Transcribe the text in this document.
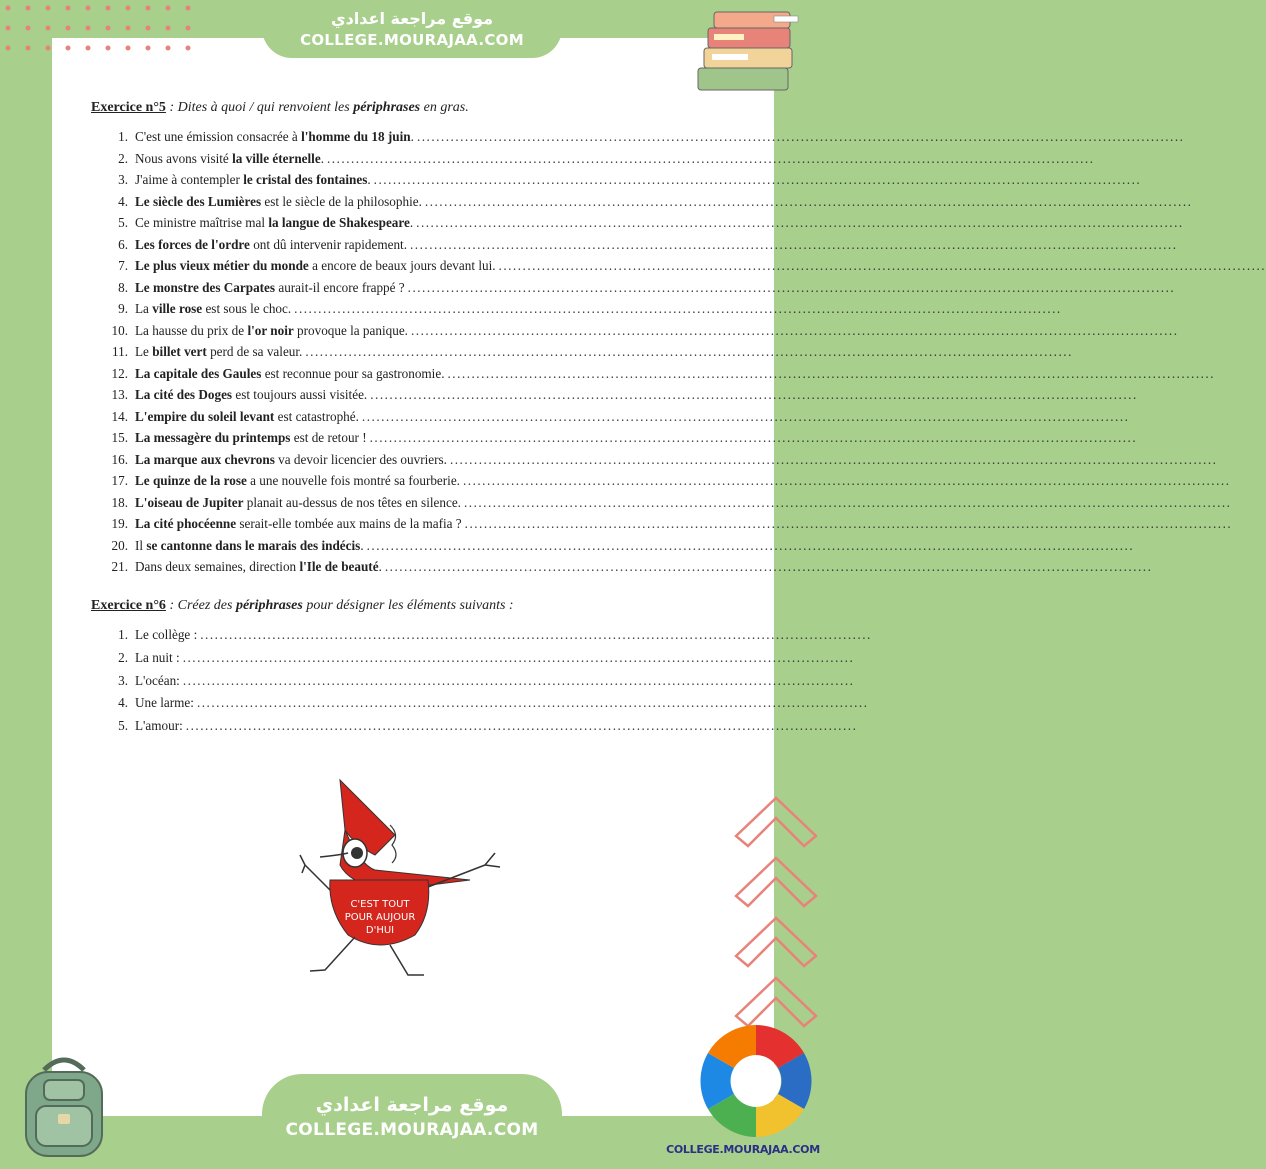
موقع مراجعة اعدادي
COLLEGE.MOURAJAA.COM

Exercice n°5 : Dites à quoi / qui renvoient les périphrases en gras.

1. C'est une émission consacrée à l'homme du 18 juin. ................................................................................................................................................................
2. Nous avons visité la ville éternelle. ................................................................................................................................................................
3. J'aime à contempler le cristal des fontaines. ................................................................................................................................................................
4. Le siècle des Lumières est le siècle de la philosophie. ................................................................................................................................................................
5. Ce ministre maîtrise mal la langue de Shakespeare. ................................................................................................................................................................
6. Les forces de l'ordre ont dû intervenir rapidement. ................................................................................................................................................................
7. Le plus vieux métier du monde a encore de beaux jours devant lui. ................................................................................................................................................................
8. Le monstre des Carpates aurait-il encore frappé ? ................................................................................................................................................................
9. La ville rose est sous le choc. ................................................................................................................................................................
10. La hausse du prix de l'or noir provoque la panique. ................................................................................................................................................................
11. Le billet vert perd de sa valeur. ................................................................................................................................................................
12. La capitale des Gaules est reconnue pour sa gastronomie. ................................................................................................................................................................
13. La cité des Doges est toujours aussi visitée. ................................................................................................................................................................
14. L'empire du soleil levant est catastrophé. ................................................................................................................................................................
15. La messagère du printemps est de retour ! ................................................................................................................................................................
16. La marque aux chevrons va devoir licencier des ouvriers. ................................................................................................................................................................
17. Le quinze de la rose a une nouvelle fois montré sa fourberie. ................................................................................................................................................................
18. L'oiseau de Jupiter planait au-dessus de nos têtes en silence. ................................................................................................................................................................
19. La cité phocéenne serait-elle tombée aux mains de la mafia ? ................................................................................................................................................................
20. Il se cantonne dans le marais des indécis. ................................................................................................................................................................
21. Dans deux semaines, direction l'Ile de beauté. ................................................................................................................................................................

Exercice n°6 : Créez des périphrases pour désigner les éléments suivants :

1. Le collège : ............................................................................................................................................
2. La nuit : ............................................................................................................................................
3. L'océan: ............................................................................................................................................
4. Une larme: ............................................................................................................................................
5. L'amour: ............................................................................................................................................
C'EST TOUT
POUR AUJOUR
D'HUI
موقع مراجعة اعدادي
COLLEGE.MOURAJAA.COM
COLLEGE.MOURAJAA.COM
